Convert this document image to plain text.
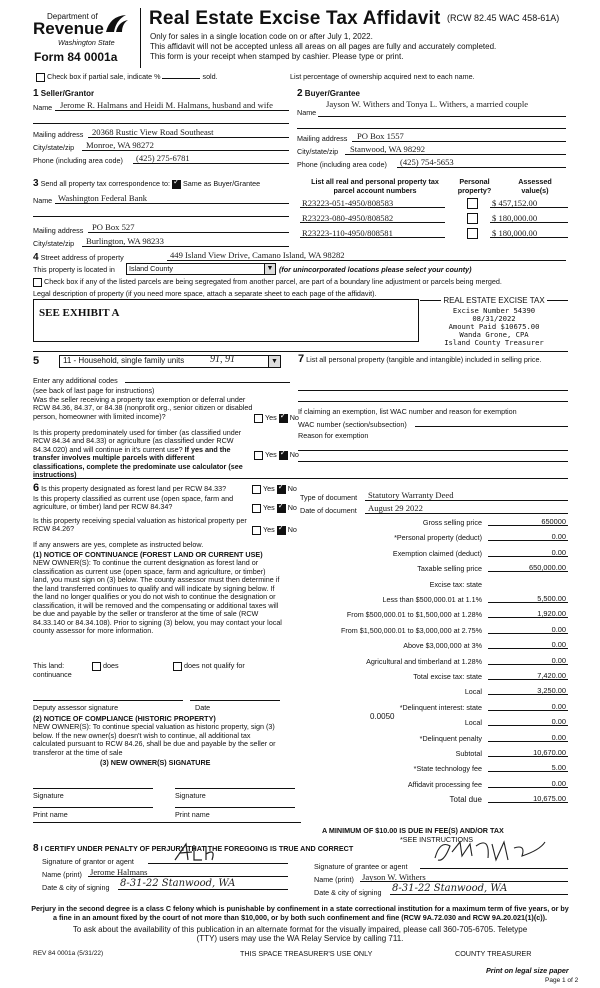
Department of
Revenue
Washington State
Form 84 0001a
Real Estate Excise Tax Affidavit (RCW 82.45 WAC 458-61A)
Only for sales in a single location code on or after July 1, 2022.
This affidavit will not be accepted unless all areas on all pages are fully and accurately completed.
This form is your receipt when stamped by cashier. Please type or print.
Check box if partial sale, indicate %	sold.	List percentage of ownership acquired next to each name.
1 Seller/Grantor
Name Jerome R. Halmans and Heidi M. Halmans, husband and wife
Mailing address 20368 Rustic View Road Southeast
City/state/zip Monroe, WA 98272
Phone (including area code) (425) 275-6781
2 Buyer/Grantee
Name
Jayson W. Withers and Tonya L. Withers, a married couple
Mailing address PO Box 1557
City/state/zip Stanwood, WA 98292
Phone (including area code) (425) 754-5653
3 Send all property tax correspondence to: ✓ Same as Buyer/Grantee
Name Washington Federal Bank
Mailing address PO Box 527
City/state/zip Burlington, WA 98233
List all real and personal property tax parcel account numbers
Personal property?
Assessed value(s)
R23223-051-4950/808583	$ 457,152.00
R23223-080-4950/808582	$ 180,000.00
R23223-110-4950/808581	$ 180,000.00
4 Street address of property	449 Island View Drive, Camano Island, WA 98282
This property is located in Island County	▼ (for unincorporated locations please select your county)
Check box if any of the listed parcels are being segregated from another parcel, are part of a boundary line adjustment or parcels being merged.
Legal description of property (if you need more space, attach a separate sheet to each page of the affidavit).
SEE EXHIBIT A
REAL ESTATE EXCISE TAX
Excise Number 54390
08/31/2022
Amount Paid $10675.00
Wanda Grone, CPA
Island County Treasurer
5	11 - Household, single family units	91, 91	▼
Enter any additional codes
(see back of last page for instructions)
Was the seller receiving a property tax exemption or deferral under RCW 84.36, 84.37, or 84.38 (nonprofit org., senior citizen or disabled person, homeowner with limited income)?	Yes ✓ No
Is this property predominately used for timber (as classified under RCW 84.34 and 84.33) or agriculture (as classified under RCW 84.34.020) and will continue in it's current use? If yes and the transfer involves multiple parcels with different classifications, complete the predominate use calculator (see instructions)
Yes ✓ No
7 List all personal property (tangible and intangible) included in selling price.
If claiming an exemption, list WAC number and reason for exemption
WAC number (section/subsection)
Reason for exemption
6 Is this property designated as forest land per RCW 84.33?	Yes ✓ No
Is this property classified as current use (open space, farm and agriculture, or timber) land per RCW 84.34?	Yes ✓ No
Is this property receiving special valuation as historical property per RCW 84.26?	Yes ✓ No
If any answers are yes, complete as instructed below.
(1) NOTICE OF CONTINUANCE (FOREST LAND OR CURRENT USE)
NEW OWNER(S): To continue the current designation as forest land or classification as current use (open space, farm and agriculture, or timber) land, you must sign on (3) below. The county assessor must then determine if the land transferred continues to qualify and will indicate by signing below. If the land no longer qualifies or you do not wish to continue the designation or classification, it will be removed and the compensating or additional taxes will be due and payable by the seller or transferor at the time of sale (RCW 84.33.140 or 84.34.108). Prior to signing (3) below, you may contact your local county assessor for more information.
This land:	does	does not qualify for
continuance
Deputy assessor signature	Date
(2) NOTICE OF COMPLIANCE (HISTORIC PROPERTY)
NEW OWNER(S): To continue special valuation as historic property, sign (3) below. If the new owner(s) doesn't wish to continue, all additional tax calculated pursuant to RCW 84.26, shall be due and payable by the seller or transferor at the time of sale
(3) NEW OWNER(S) SIGNATURE
Signature	Signature
Print name	Print name
Type of document Statutory Warranty Deed
Date of document August 29 2022
Gross selling price	650000
*Personal property (deduct)	0.00
Exemption claimed (deduct)	0.00
Taxable selling price	650,000.00
Excise tax: state
Less than $500,000.01 at 1.1%	5,500.00
From $500,000.01 to $1,500,000 at 1.28%	1,920.00
From $1,500,000.01 to $3,000,000 at 2.75%	0.00
Above $3,000,000 at 3%	0.00
Agricultural and timberland at 1.28%	0.00
Total excise tax: state	7,420.00
Local	3,250.00
*Delinquent interest: state	0.00
Local	0.00
*Delinquent penalty	0.00
Subtotal	10,670.00
*State technology fee	5.00
Affidavit processing fee	0.00
Total due	10,675.00
0.0050
A MINIMUM OF $10.00 IS DUE IN FEE(S) AND/OR TAX
*SEE INSTRUCTIONS
8 I CERTIFY UNDER PENALTY OF PERJURY THAT THE FOREGOING IS TRUE AND CORRECT
Signature of grantor or agent
Name (print) Jerome Halmans
Date & city of signing 8-31-22 Stanwood, WA
Signature of grantee or agent
Name (print) Jayson W. Withers
Date & city of signing 8-31-22 Stanwood, WA
Perjury in the second degree is a class C felony which is punishable by confinement in a state correctional institution for a maximum term of five years, or by
a fine in an amount fixed by the court of not more than $10,000, or by both such confinement and fine (RCW 9A.72.030 and RCW 9A.20.021(1)(c)).
To ask about the availability of this publication in an alternate format for the visually impaired, please call 360-705-6705. Teletype
(TTY) users may use the WA Relay Service by calling 711.
REV 84 0001a (5/31/22)	THIS SPACE TREASURER'S USE ONLY	COUNTY TREASURER
Print on legal size paper
Page 1 of 2
